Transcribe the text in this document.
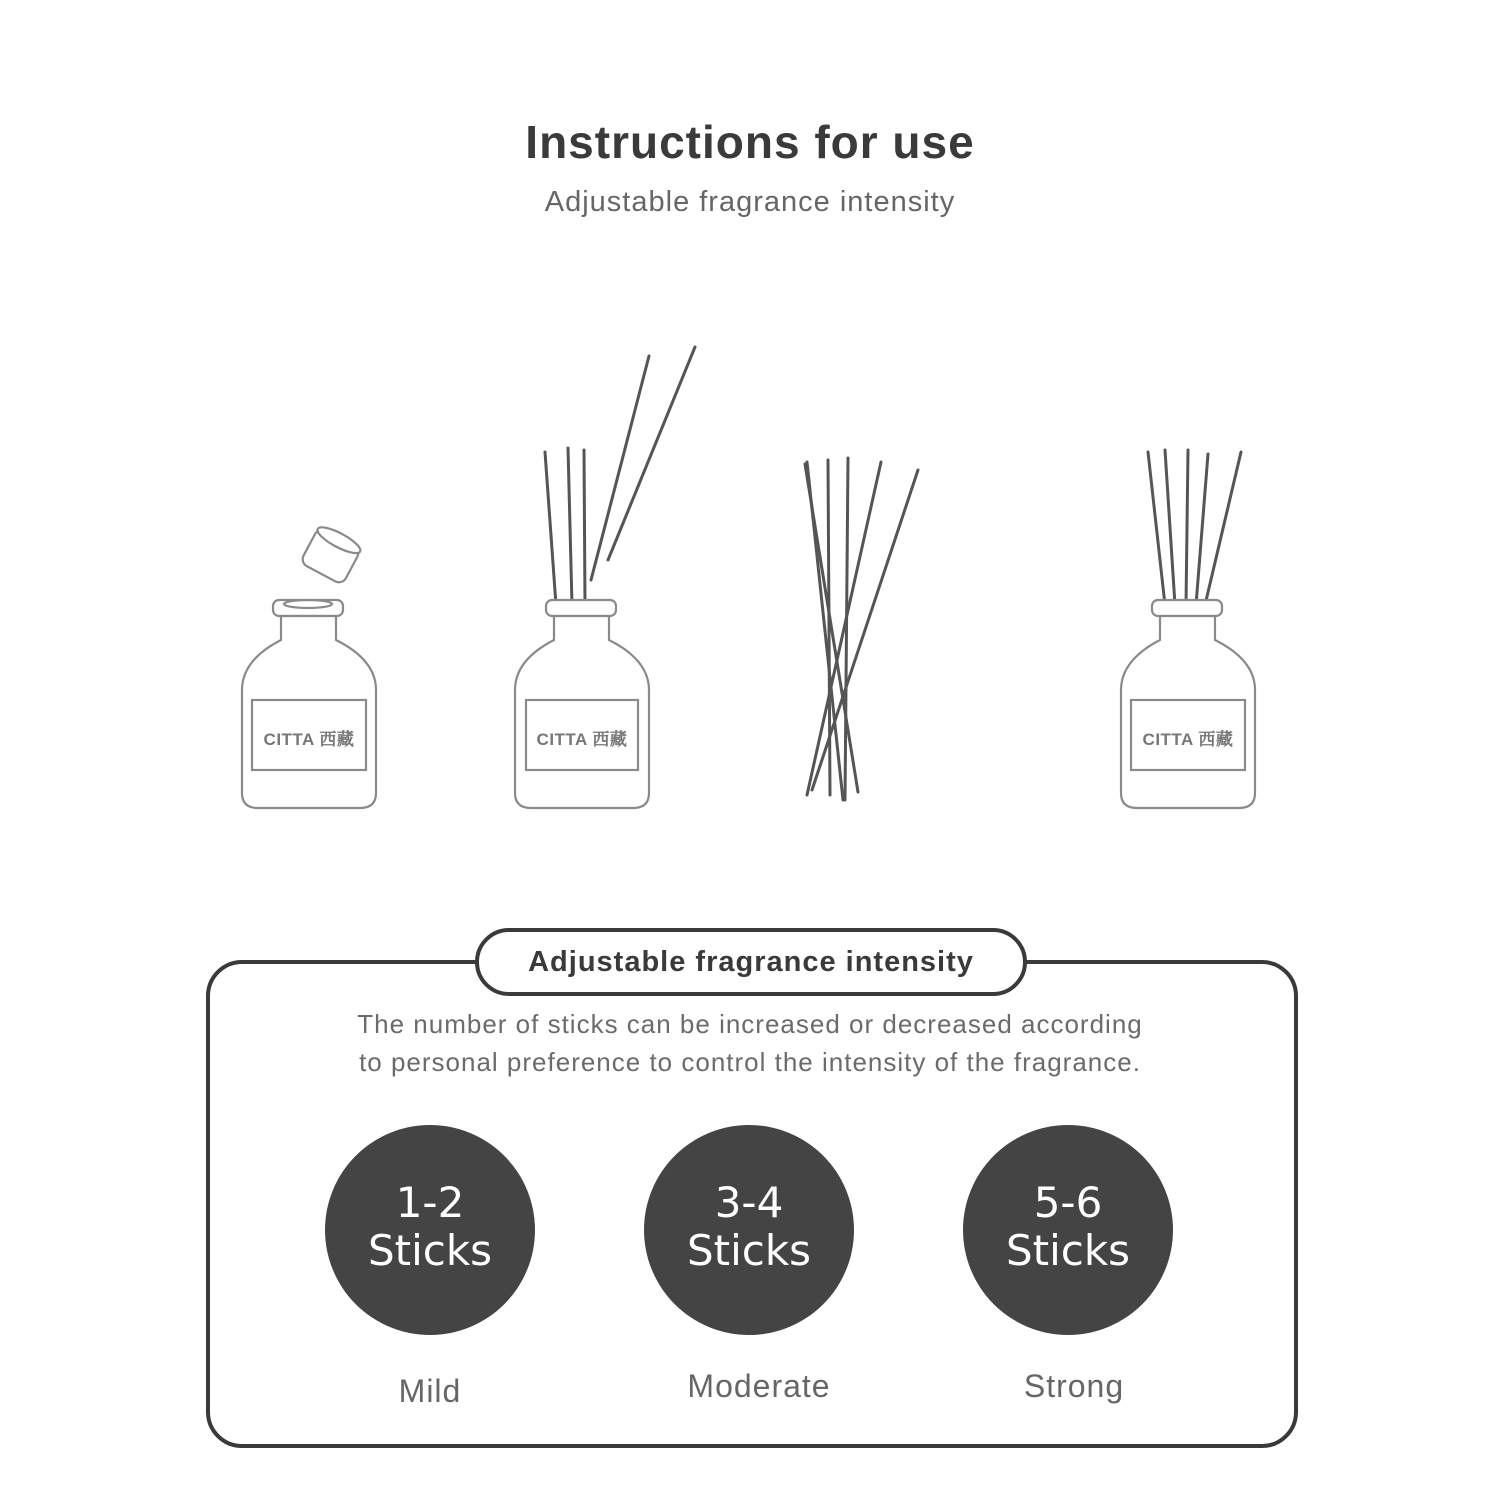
Instructions for use
Adjustable fragrance intensity
CITTA 西藏	CITTA 西藏	CITTA 西藏
Adjustable fragrance intensity
The number of sticks can be increased or decreased according
to personal preference to control the intensity of the fragrance.
1-2
Sticks
3-4
Sticks
5-6
Sticks
Mild	Moderate	Strong
